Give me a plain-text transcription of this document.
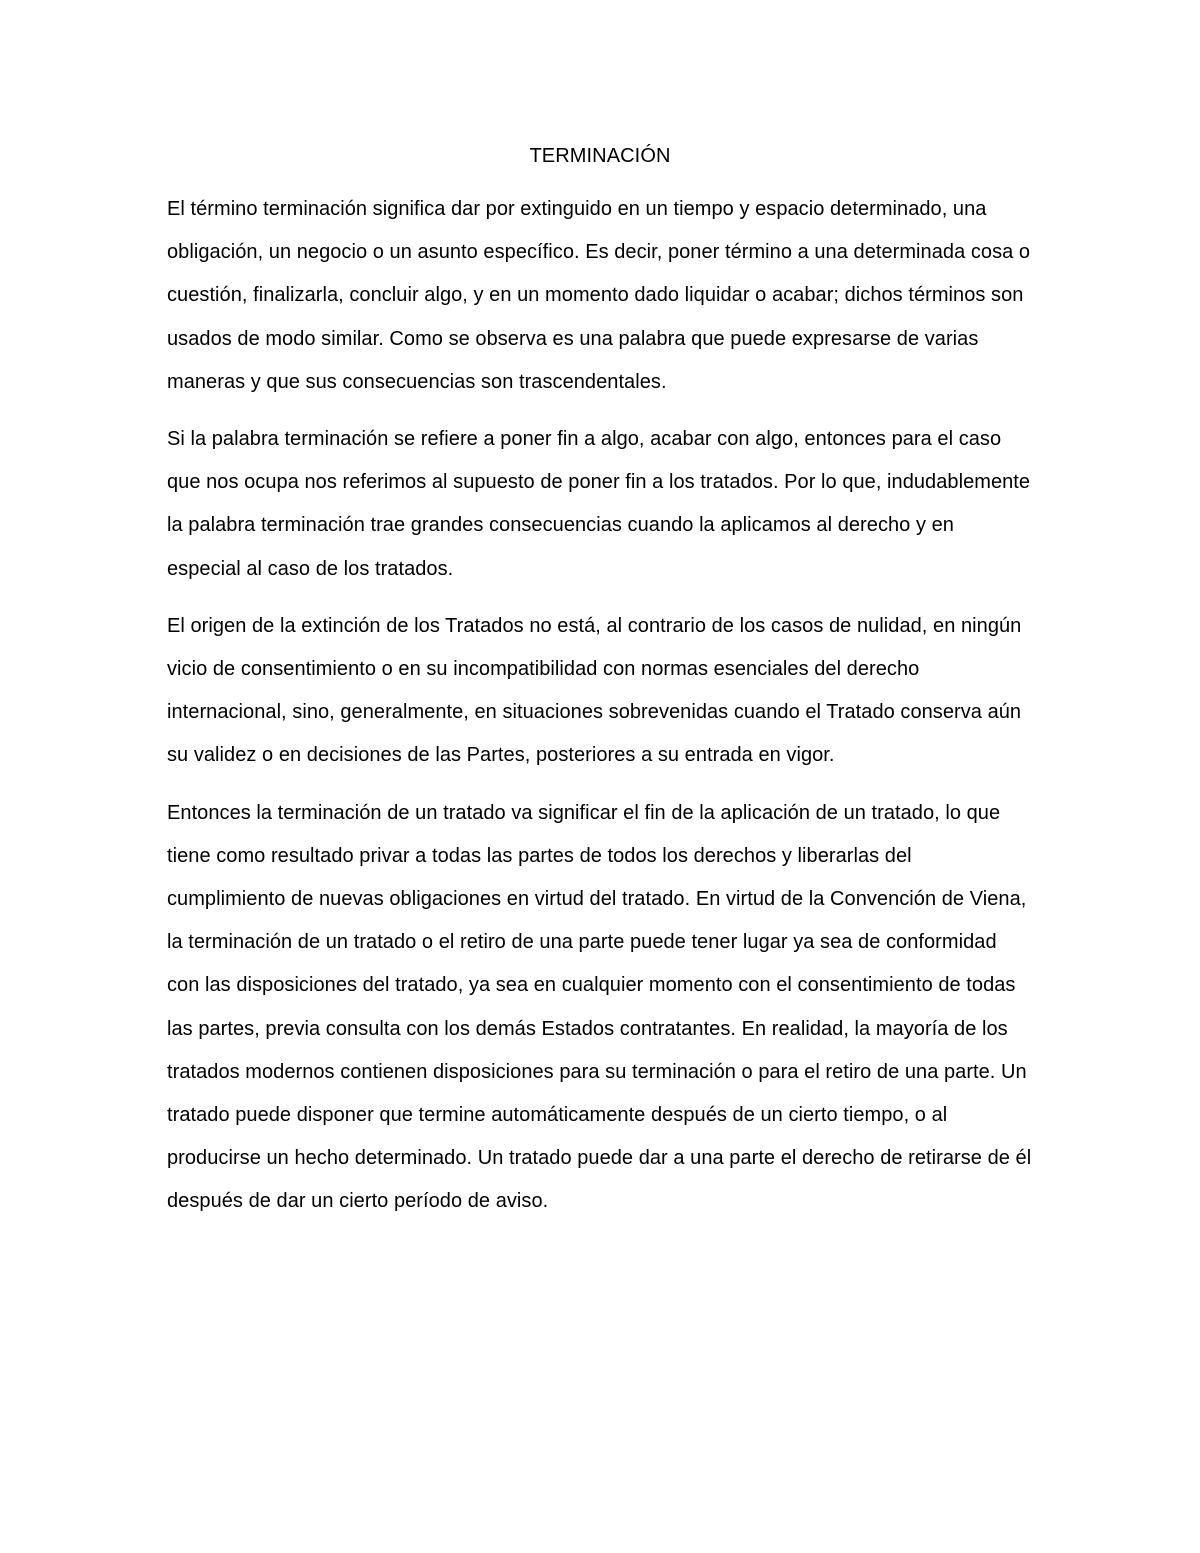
TERMINACIÓN

El término terminación significa dar por extinguido en un tiempo y espacio determinado, una obligación, un negocio o un asunto específico. Es decir, poner término a una determinada cosa o cuestión, finalizarla, concluir algo, y en un momento dado liquidar o acabar; dichos términos son usados de modo similar. Como se observa es una palabra que puede expresarse de varias maneras y que sus consecuencias son trascendentales.

Si la palabra terminación se refiere a poner fin a algo, acabar con algo, entonces para el caso que nos ocupa nos referimos al supuesto de poner fin a los tratados. Por lo que, indudablemente la palabra terminación trae grandes consecuencias cuando la aplicamos al derecho y en especial al caso de los tratados.

El origen de la extinción de los Tratados no está, al contrario de los casos de nulidad, en ningún vicio de consentimiento o en su incompatibilidad con normas esenciales del derecho internacional, sino, generalmente, en situaciones sobrevenidas cuando el Tratado conserva aún su validez o en decisiones de las Partes, posteriores a su entrada en vigor.

Entonces la terminación de un tratado va significar el fin de la aplicación de un tratado, lo que tiene como resultado privar a todas las partes de todos los derechos y liberarlas del cumplimiento de nuevas obligaciones en virtud del tratado. En virtud de la Convención de Viena, la terminación de un tratado o el retiro de una parte puede tener lugar ya sea de conformidad con las disposiciones del tratado, ya sea en cualquier momento con el consentimiento de todas las partes, previa consulta con los demás Estados contratantes. En realidad, la mayoría de los tratados modernos contienen disposiciones para su terminación o para el retiro de una parte. Un tratado puede disponer que termine automáticamente después de un cierto tiempo, o al producirse un hecho determinado. Un tratado puede dar a una parte el derecho de retirarse de él después de dar un cierto período de aviso.
